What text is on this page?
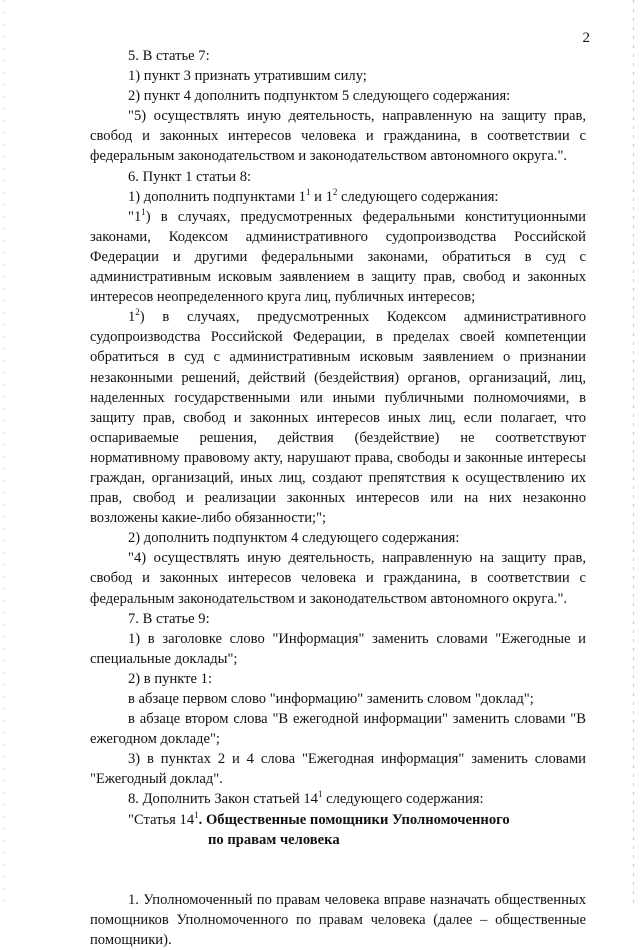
2

5. В статье 7:

1) пункт 3 признать утратившим силу;

2) пункт 4 дополнить подпунктом 5 следующего содержания:

"5) осуществлять иную деятельность, направленную на защиту прав, свобод и законных интересов человека и гражданина, в соответствии с федеральным законодательством и законодательством автономного округа.".

6. Пункт 1 статьи 8:

1) дополнить подпунктами $1^1$ и $1^2$ следующего содержания:

"$1^1$) в случаях, предусмотренных федеральными конституционными законами, Кодексом административного судопроизводства Российской Федерации и другими федеральными законами, обратиться в суд с административным исковым заявлением в защиту прав, свобод и законных интересов неопределенного круга лиц, публичных интересов;

$1^2$) в случаях, предусмотренных Кодексом административного судопроизводства Российской Федерации, в пределах своей компетенции обратиться в суд с административным исковым заявлением о признании незаконными решений, действий (бездействия) органов, организаций, лиц, наделенных государственными или иными публичными полномочиями, в защиту прав, свобод и законных интересов иных лиц, если полагает, что оспариваемые решения, действия (бездействие) не соответствуют нормативному правовому акту, нарушают права, свободы и законные интересы граждан, организаций, иных лиц, создают препятствия к осуществлению их прав, свобод и реализации законных интересов или на них незаконно возложены какие-либо обязанности;";

2) дополнить подпунктом 4 следующего содержания:

"4) осуществлять иную деятельность, направленную на защиту прав, свобод и законных интересов человека и гражданина, в соответствии с федеральным законодательством и законодательством автономного округа.".

7. В статье 9:

1) в заголовке слово "Информация" заменить словами "Ежегодные и специальные доклады";

2) в пункте 1:

в абзаце первом слово "информацию" заменить словом "доклад";

в абзаце втором слова "В ежегодной информации" заменить словами "В ежегодном докладе";

3) в пунктах 2 и 4 слова "Ежегодная информация" заменить словами "Ежегодный доклад".

8. Дополнить Закон статьей $14^1$ следующего содержания:

"Статья $14^1$. Общественные помощники Уполномоченного
по правам человека

1. Уполномоченный по правам человека вправе назначать общественных помощников Уполномоченного по правам человека (далее – общественные помощники).
